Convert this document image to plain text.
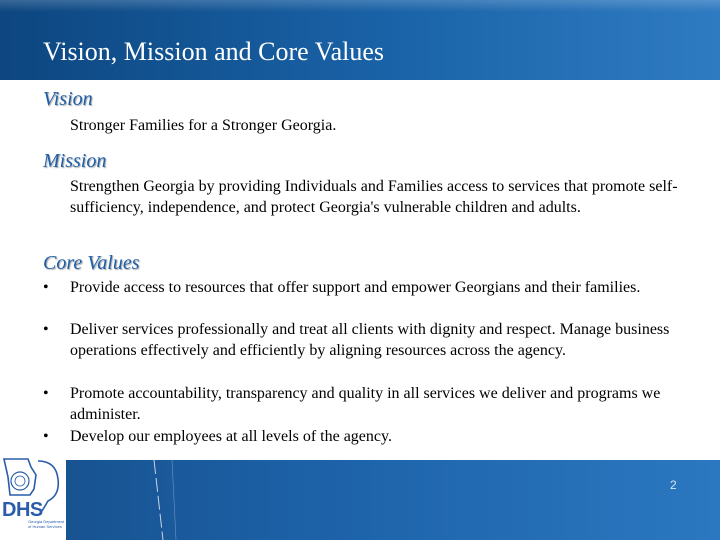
Vision, Mission and Core Values
Vision
Stronger Families for a Stronger Georgia.
Mission
Strengthen Georgia by providing Individuals and Families access to services that promote self-sufficiency, independence, and protect Georgia's vulnerable children and adults.
Core Values
•	Provide access to resources that offer support and empower Georgians and their families.
•	Deliver services professionally and treat all clients with dignity and respect. Manage business operations effectively and efficiently by aligning resources across the agency.
•	Promote accountability, transparency and quality in all services we deliver and programs we administer.
•	Develop our employees at all levels of the agency.
2
DHS
Georgia Department of Human Services
